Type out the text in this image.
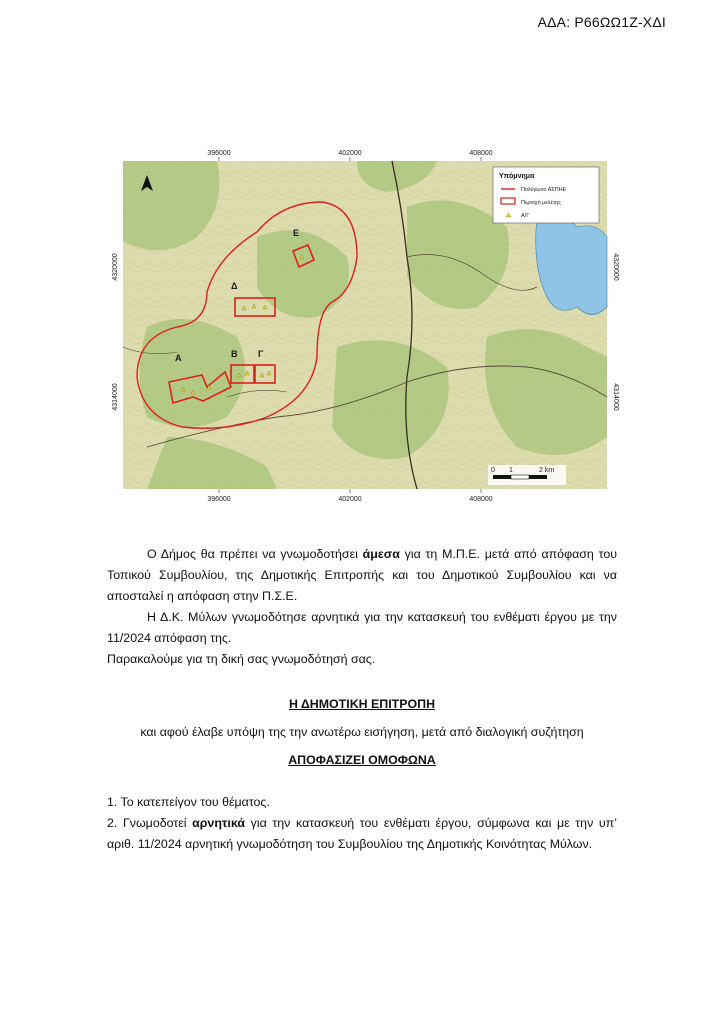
ΑΔΑ: Ρ66ΩΩ1Ζ-ΧΔΙ
396000	402000	408000
396000	402000	408000
4320000
4314000
4320000
4314000
Α	Β Γ
Δ
Ε
Υπόμνημα
Πολύγωνο ΑΣΠΗΕ
Περιοχή μελέτης
Α/Γ
0 1	2 km

Ο Δήμος θα πρέπει να γνωμοδοτήσει άμεσα για τη Μ.Π.Ε. μετά από απόφαση του Τοπικού Συμβουλίου, της Δημοτικής Επιτροπής και του Δημοτικού Συμβουλίου και να αποσταλεί η απόφαση στην Π.Σ.Ε.

Η Δ.Κ. Μύλων γνωμοδότησε αρνητικά για την κατασκευή του ενθέματι έργου με την 11/2024 απόφαση της.

Παρακαλούμε για τη δική σας γνωμοδότησή σας.

Η ΔΗΜΟΤΙΚΗ ΕΠΙΤΡΟΠΗ
και αφού έλαβε υπόψη της την ανωτέρω εισήγηση, μετά από διαλογική συζήτηση
ΑΠΟΦΑΣΙΖΕΙ ΟΜΟΦΩΝΑ

1. Το κατεπείγον του θέματος.

2. Γνωμοδοτεί αρνητικά για την κατασκευή του ενθέματι έργου, σύμφωνα και με την υπ’ αριθ. 11/2024 αρνητική γνωμοδότηση του Συμβουλίου της Δημοτικής Κοινότητας Μύλων.
